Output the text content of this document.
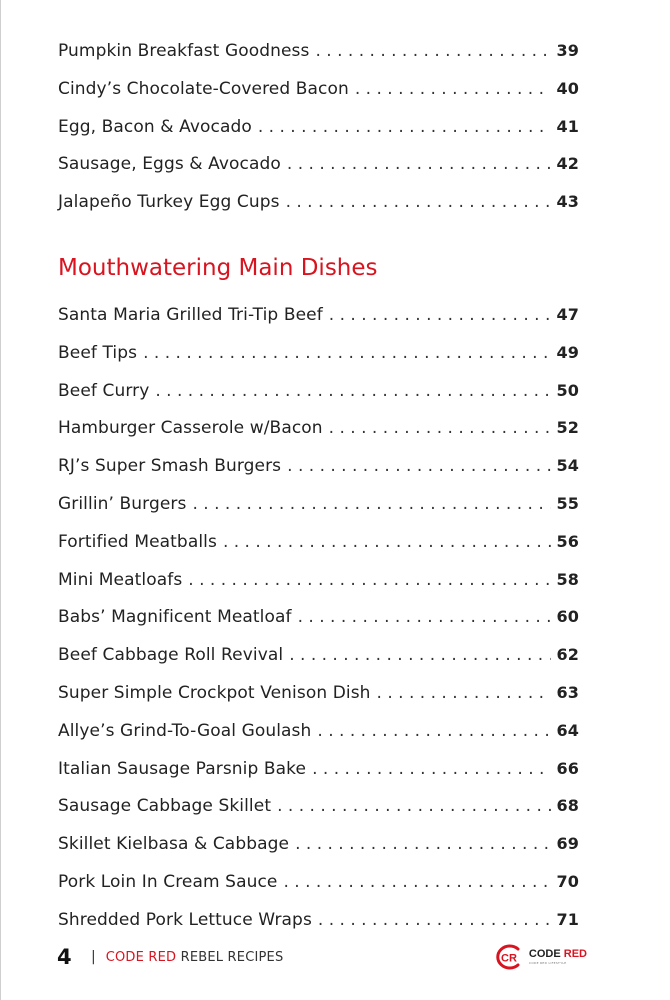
Pumpkin Breakfast Goodness . . .	39
Cindy’s Chocolate-Covered Bacon . . .	40
Egg, Bacon & Avocado . . .	41
Sausage, Eggs & Avocado . . .	42
Jalapeño Turkey Egg Cups . . .	43
Mouthwatering Main Dishes
Santa Maria Grilled Tri-Tip Beef . . .	47
Beef Tips . . .	49
Beef Curry . . .	50
Hamburger Casserole w/Bacon . . .	52
RJ’s Super Smash Burgers . . .	54
Grillin’ Burgers . . .	55
Fortified Meatballs . . .	56
Mini Meatloafs . . .	58
Babs’ Magnificent Meatloaf . . .	60
Beef Cabbage Roll Revival . . .	62
Super Simple Crockpot Venison Dish . . .	63
Allye’s Grind-To-Goal Goulash . . .	64
Italian Sausage Parsnip Bake . . .	66
Sausage Cabbage Skillet . . .	68
Skillet Kielbasa & Cabbage . . .	69
Pork Loin In Cream Sauce . . .	70
Shredded Pork Lettuce Wraps . . .	71
4	| CODE RED REBEL RECIPES	CR CODE RED
CODE RED LIFESTYLE
